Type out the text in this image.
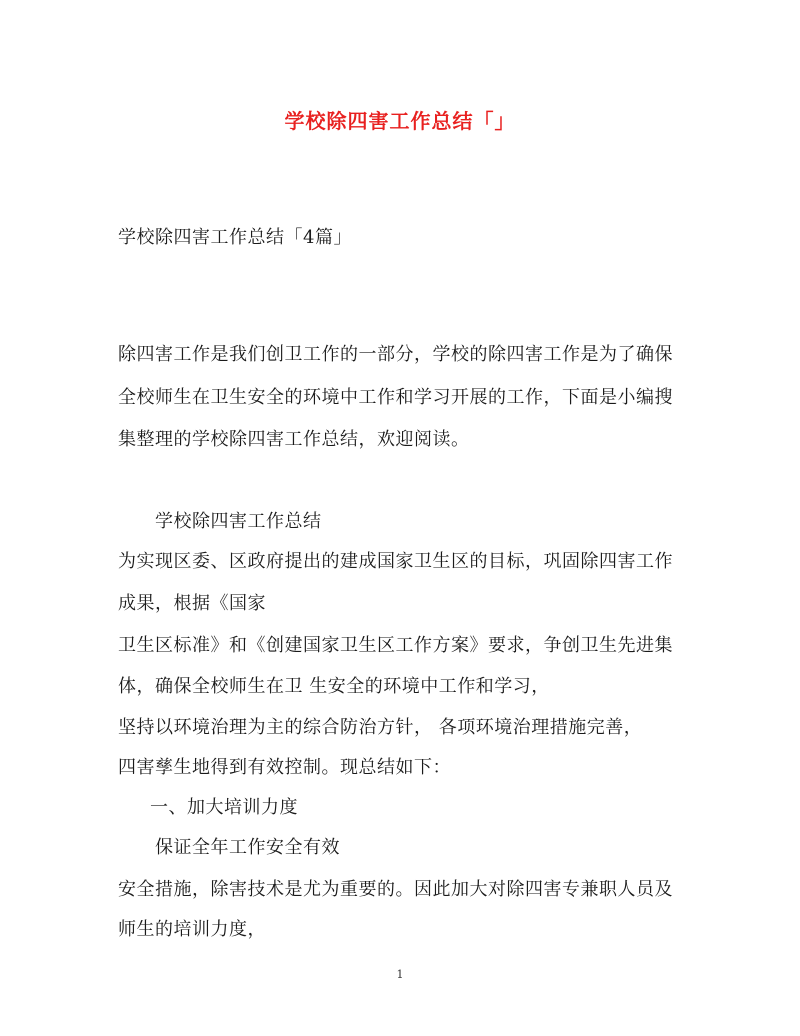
学校除四害工作总结「」
学校除四害工作总结「4篇」
除四害工作是我们创卫工作的一部分，学校的除四害工作是为了确保
全校师生在卫生安全的环境中工作和学习开展的工作，下面是小编搜
集整理的学校除四害工作总结，欢迎阅读。
学校除四害工作总结
为实现区委、区政府提出的建成国家卫生区的目标，巩固除四害工作
成果，根据《国家
卫生区标准》和《创建国家卫生区工作方案》要求，争创卫生先进集
体，确保全校师生在卫 生安全的环境中工作和学习，
坚持以环境治理为主的综合防治方针， 各项环境治理措施完善，
四害孳生地得到有效控制。现总结如下：
一、加大培训力度
保证全年工作安全有效
安全措施，除害技术是尤为重要的。因此加大对除四害专兼职人员及
师生的培训力度，
1
